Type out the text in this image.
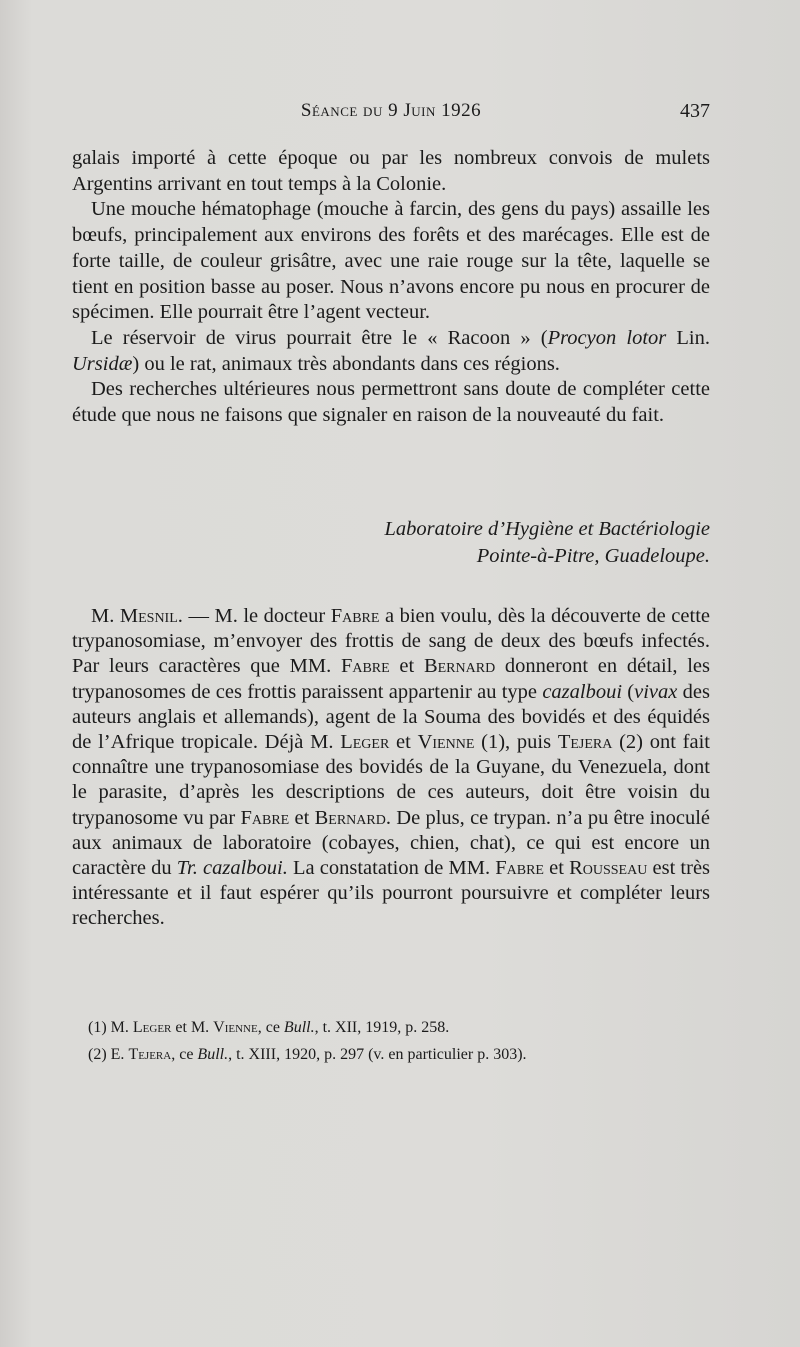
Séance du 9 Juin 1926	437

galais importé à cette époque ou par les nombreux convois de mulets Argentins arrivant en tout temps à la Colonie.

Une mouche hématophage (mouche à farcin, des gens du pays) assaille les bœufs, principalement aux environs des forêts et des marécages. Elle est de forte taille, de couleur grisâtre, avec une raie rouge sur la tête, laquelle se tient en position basse au poser. Nous n’avons encore pu nous en procurer de spécimen. Elle pourrait être l’agent vecteur.

Le réservoir de virus pourrait être le « Racoon » (Procyon lotor Lin. Ursidæ) ou le rat, animaux très abondants dans ces régions.

Des recherches ultérieures nous permettront sans doute de compléter cette étude que nous ne faisons que signaler en raison de la nouveauté du fait.

Laboratoire d’Hygiène et Bactériologie
Pointe-à-Pitre, Guadeloupe.

M. Mesnil. — M. le docteur Fabre a bien voulu, dès la découverte de cette trypanosomiase, m’envoyer des frottis de sang de deux des bœufs infectés. Par leurs caractères que MM. Fabre et Bernard donneront en détail, les trypanosomes de ces frottis paraissent appartenir au type cazalboui (vivax des auteurs anglais et allemands), agent de la Souma des bovidés et des équidés de l’Afrique tropicale. Déjà M. Leger et Vienne (1), puis Tejera (2) ont fait connaître une trypanosomiase des bovidés de la Guyane, du Venezuela, dont le parasite, d’après les descriptions de ces auteurs, doit être voisin du trypanosome vu par Fabre et Bernard. De plus, ce trypan. n’a pu être inoculé aux animaux de laboratoire (cobayes, chien, chat), ce qui est encore un caractère du Tr. cazalboui. La constatation de MM. Fabre et Rousseau est très intéressante et il faut espérer qu’ils pourront poursuivre et compléter leurs recherches.

(1) M. Leger et M. Vienne, ce Bull., t. XII, 1919, p. 258.

(2) E. Tejera, ce Bull., t. XIII, 1920, p. 297 (v. en particulier p. 303).
